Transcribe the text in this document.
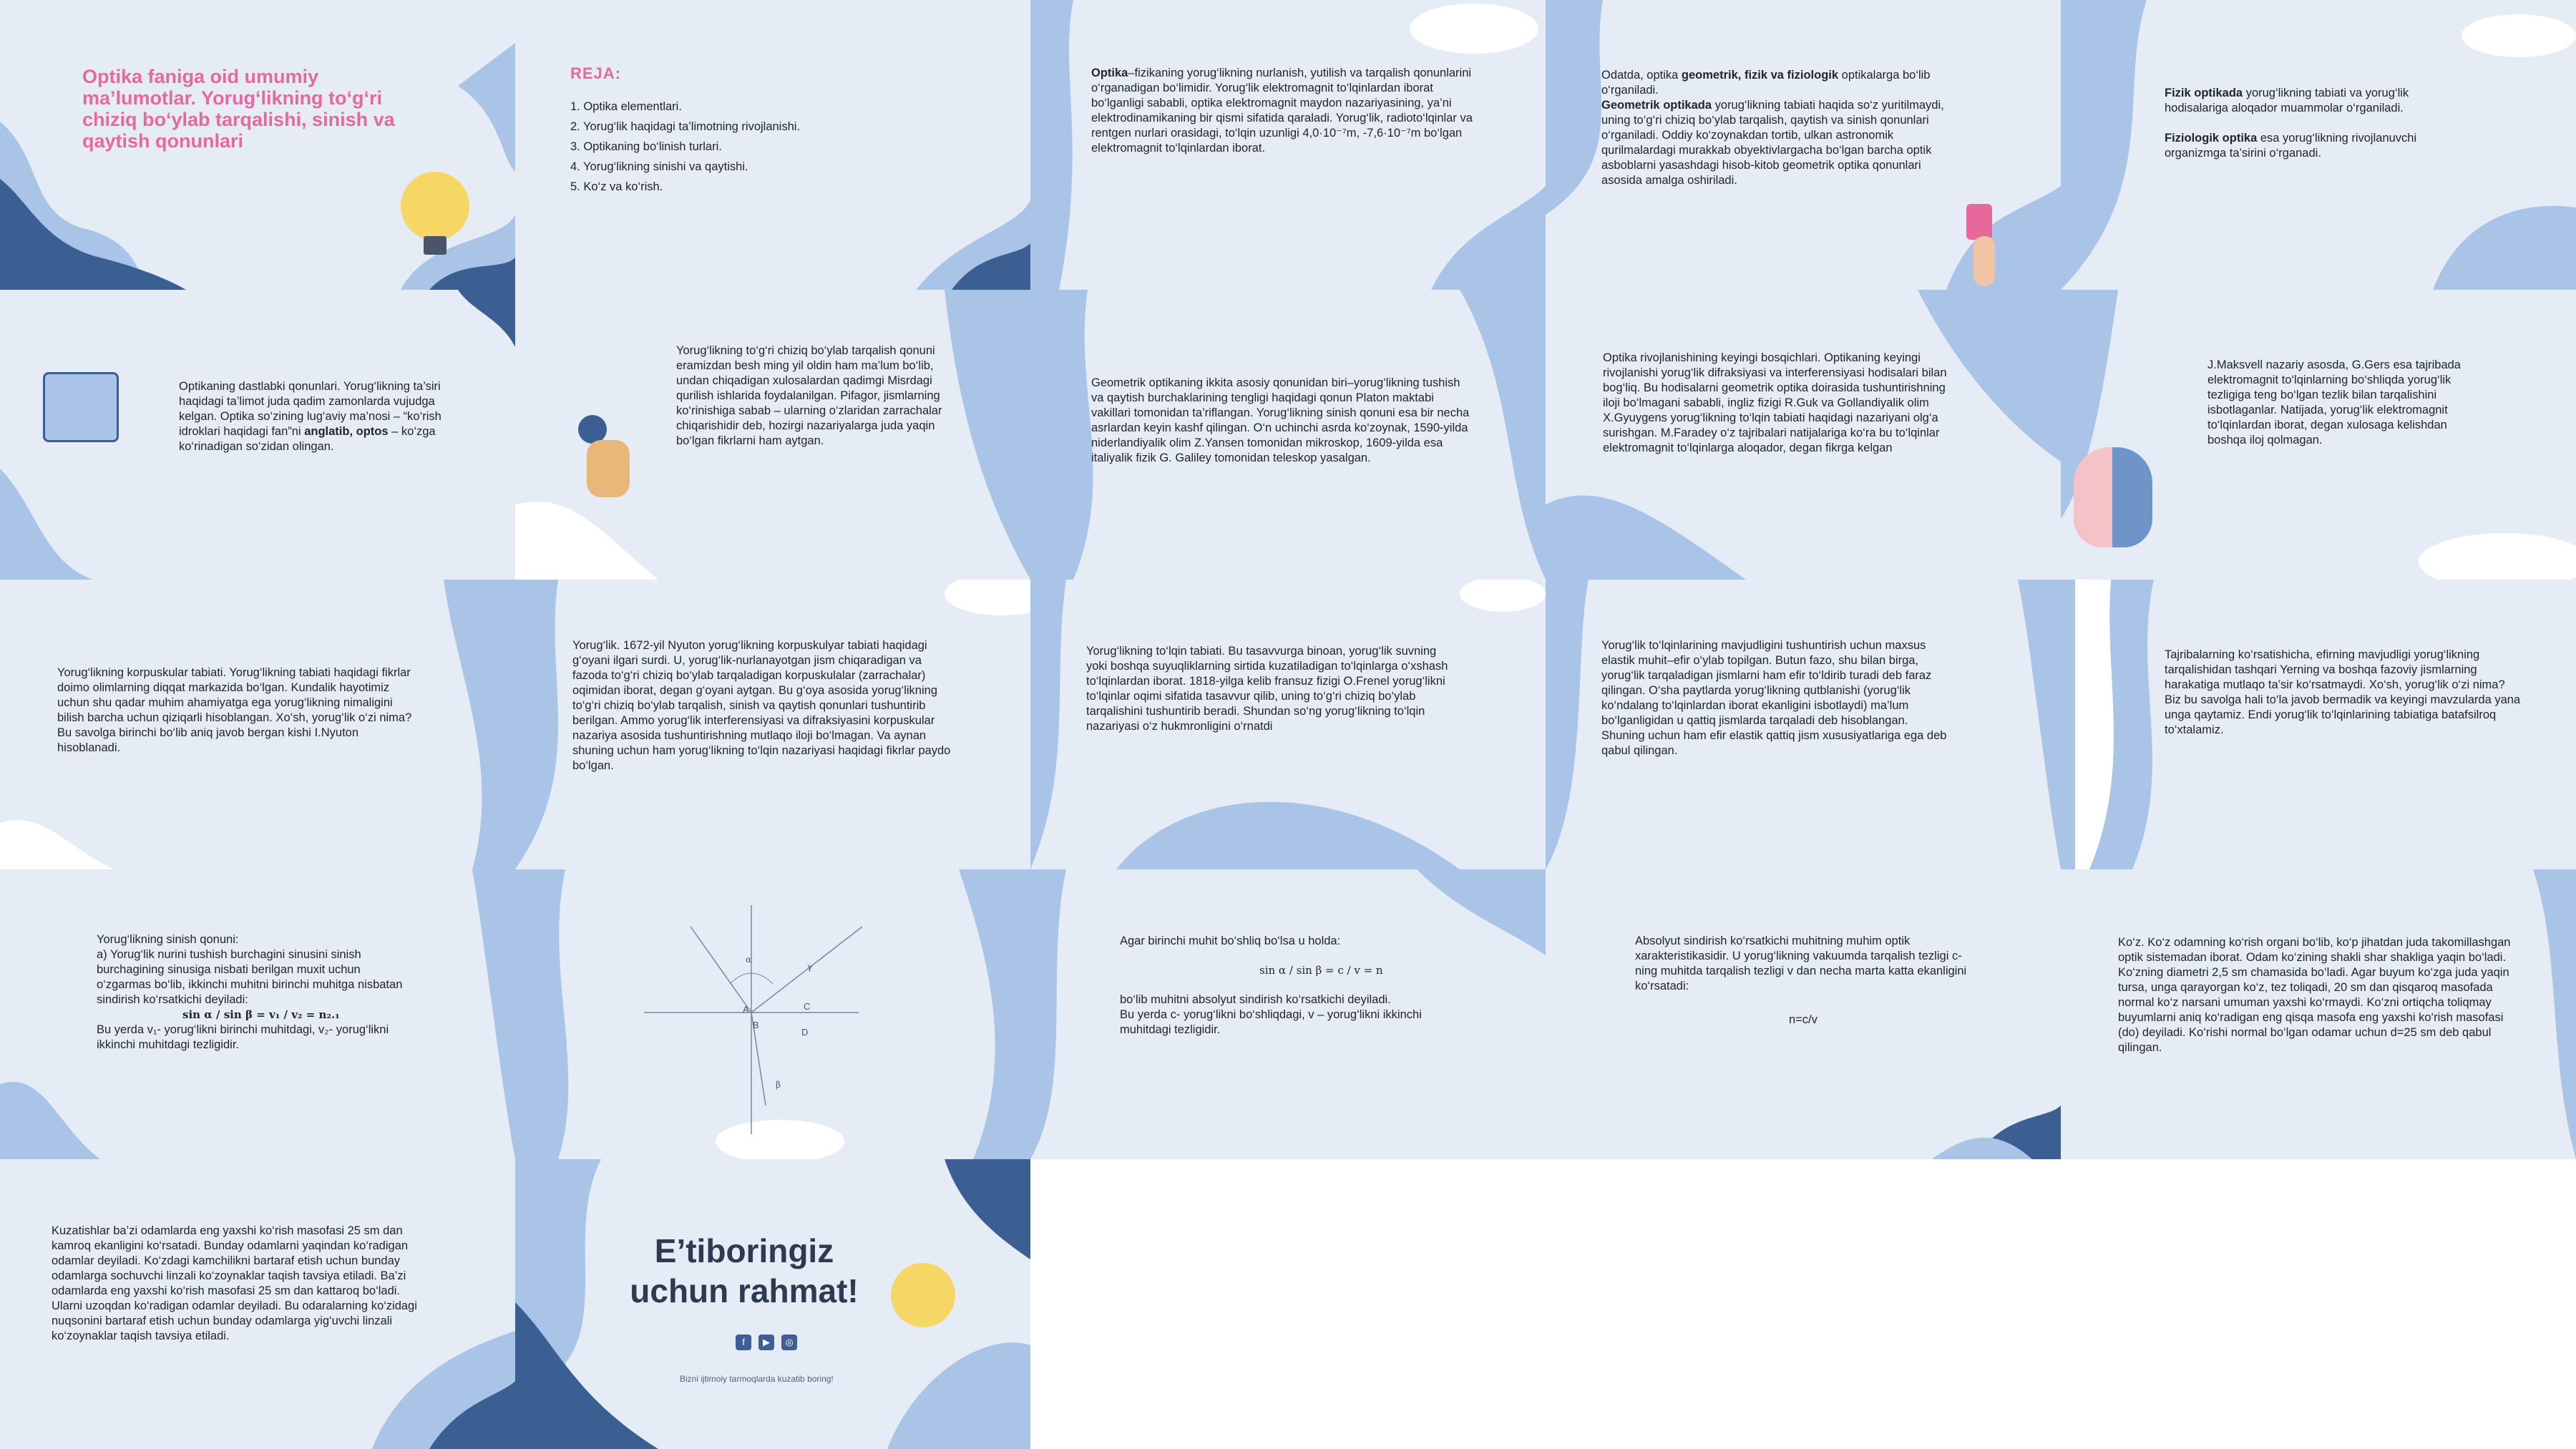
Optika faniga oid umumiy ma’lumotlar. Yorug‘likning to‘g‘ri chiziq bo‘ylab tarqalishi, sinish va qaytish qonunlari
REJA:
1. Optika elementlari.
2. Yorug‘lik haqidagi ta’limotning rivojlanishi.
3. Optikaning bo‘linish turlari.
4. Yorug‘likning sinishi va qaytishi.
5. Ko‘z va ko‘rish.
Optika–fizikaning yorug‘likning nurlanish, yutilish va tarqalish qonunlarini o‘rganadigan bo‘limidir. Yorug‘lik elektromagnit to‘lqinlardan iborat bo‘lganligi sababli, optika elektromagnit maydon nazariyasining, ya’ni elektrodinamikaning bir qismi sifatida qaraladi. Yorug‘lik, radioto‘lqinlar va rentgen nurlari orasidagi, to‘lqin uzunligi 4,0·10⁻⁷m, -7,6·10⁻⁷m bo‘lgan elektromagnit to‘lqinlardan iborat.
Odatda, optika geometrik, fizik va fiziologik optikalarga bo‘lib o‘rganiladi.
Geometrik optikada yorug‘likning tabiati haqida so‘z yuritilmaydi, uning to‘g‘ri chiziq bo‘ylab tarqalish, qaytish va sinish qonunlari o‘rganiladi. Oddiy ko‘zoynakdan tortib, ulkan astronomik qurilmalardagi murakkab obyektivlargacha bo‘lgan barcha optik asboblarni yasashdagi hisob-kitob geometrik optika qonunlari asosida amalga oshiriladi.
Fizik optikada yorug‘likning tabiati va yorug‘lik hodisalariga aloqador muammolar o‘rganiladi.

Fiziologik optika esa yorug‘likning rivojlanuvchi organizmga ta’sirini o‘rganadi.
Optikaning dastlabki qonunlari. Yorug‘likning ta’siri haqidagi ta’limot juda qadim zamonlarda vujudga kelgan. Optika so‘zining lug‘aviy ma’nosi – “ko‘rish idroklari haqidagi fan”ni anglatib, optos – ko‘zga ko‘rinadigan so‘zidan olingan.
Yorug‘likning to‘g‘ri chiziq bo‘ylab tarqalish qonuni eramizdan besh ming yil oldin ham ma’lum bo‘lib, undan chiqadigan xulosalardan qadimgi Misrdagi qurilish ishlarida foydalanilgan. Pifagor, jismlarning ko‘rinishiga sabab – ularning o‘zlaridan zarrachalar chiqarishidir deb, hozirgi nazariyalarga juda yaqin bo‘lgan fikrlarni ham aytgan.
Geometrik optikaning ikkita asosiy qonunidan biri–yorug‘likning tushish va qaytish burchaklarining tengligi haqidagi qonun Platon maktabi vakillari tomonidan ta’riflangan. Yorug‘likning sinish qonuni esa bir necha asrlardan keyin kashf qilingan. O‘n uchinchi asrda ko‘zoynak, 1590-yilda niderlandiyalik olim Z.Yansen tomonidan mikroskop, 1609-yilda esa italiyalik fizik G. Galiley tomonidan teleskop yasalgan.
Optika rivojlanishining keyingi bosqichlari. Optikaning keyingi rivojlanishi yorug‘lik difraksiyasi va interferensiyasi hodisalari bilan bog‘liq. Bu hodisalarni geometrik optika doirasida tushuntirishning iloji bo‘lmagani sababli, ingliz fizigi R.Guk va Gollandiyalik olim X.Gyuygens yorug‘likning to‘lqin tabiati haqidagi nazariyani olg‘a surishgan. M.Faradey o‘z tajribalari natijalariga ko‘ra bu to‘lqinlar elektromagnit to‘lqinlarga aloqador, degan fikrga kelgan
J.Maksvell nazariy asosda, G.Gers esa tajribada elektromagnit to‘lqinlarning bo‘shliqda yorug‘lik tezligiga teng bo‘lgan tezlik bilan tarqalishini isbotlaganlar. Natijada, yorug‘lik elektromagnit to‘lqinlardan iborat, degan xulosaga kelishdan boshqa iloj qolmagan.
Yorug‘likning korpuskular tabiati. Yorug‘likning tabiati haqidagi fikrlar doimo olimlarning diqqat markazida bo‘lgan. Kundalik hayotimiz uchun shu qadar muhim ahamiyatga ega yorug‘likning nimaligini bilish barcha uchun qiziqarli hisoblangan. Xo‘sh, yorug‘lik o‘zi nima? Bu savolga birinchi bo‘lib aniq javob bergan kishi I.Nyuton hisoblanadi.
Yorug‘lik. 1672-yil Nyuton yorug‘likning korpuskulyar tabiati haqidagi g‘oyani ilgari surdi. U, yorug‘lik-nurlanayotgan jism chiqaradigan va fazoda to‘g‘ri chiziq bo‘ylab tarqaladigan korpuskulalar (zarrachalar) oqimidan iborat, degan g‘oyani aytgan. Bu g‘oya asosida yorug‘likning to‘g‘ri chiziq bo‘ylab tarqalish, sinish va qaytish qonunlari tushuntirib berilgan. Ammo yorug‘lik interferensiyasi va difraksiyasini korpuskular nazariya asosida tushuntirishning mutlaqo iloji bo‘lmagan. Va aynan shuning uchun ham yorug‘likning to‘lqin nazariyasi haqidagi fikrlar paydo bo‘lgan.
Yorug‘likning to‘lqin tabiati. Bu tasavvurga binoan, yorug‘lik suvning yoki boshqa suyuqliklarning sirtida kuzatiladigan to‘lqinlarga o‘xshash to‘lqinlardan iborat. 1818-yilga kelib fransuz fizigi O.Frenel yorug‘likni to‘lqinlar oqimi sifatida tasavvur qilib, uning to‘g‘ri chiziq bo‘ylab tarqalishini tushuntirib beradi. Shundan so‘ng yorug‘likning to‘lqin nazariyasi o‘z hukmronligini o‘rnatdi
Yorug‘lik to‘lqinlarining mavjudligini tushuntirish uchun maxsus elastik muhit–efir o‘ylab topilgan. Butun fazo, shu bilan birga, yorug‘lik tarqaladigan jismlarni ham efir to‘ldirib turadi deb faraz qilingan. O‘sha paytlarda yorug‘likning qutblanishi (yorug‘lik ko‘ndalang to‘lqinlardan iborat ekanligini isbotlaydi) ma’lum bo‘lganligidan u qattiq jismlarda tarqaladi deb hisoblangan. Shuning uchun ham efir elastik qattiq jism xususiyatlariga ega deb qabul qilingan.
Tajribalarning ko‘rsatishicha, efirning mavjudligi yorug‘likning tarqalishidan tashqari Yerning va boshqa fazoviy jismlarning harakatiga mutlaqo ta’sir ko‘rsatmaydi. Xo‘sh, yorug‘lik o‘zi nima? Biz bu savolga hali to‘la javob bermadik va keyingi mavzularda yana unga qaytamiz. Endi yorug‘lik to‘lqinlarining tabiatiga batafsilroq to‘xtalamiz.
Yorug‘likning sinish qonuni:
a) Yorug‘lik nurini tushish burchagini sinusini sinish burchagining sinusiga nisbati berilgan muxit uchun o‘zgarmas bo‘lib, ikkinchi muhitni birinchi muhitga nisbatan sindirish ko‘rsatkichi deyiladi:
sin α / sin β = v₁ / v₂ = n₂.₁
Bu yerda v₁- yorug‘likni birinchi muhitdagi, v₂- yorug‘likni ikkinchi muhitdagi tezligidir.
A
B
C
D
α
γ
β
Agar birinchi muhit bo‘shliq bo‘lsa u holda:
sin α / sin β = c / v = n
bo‘lib muhitni absolyut sindirish ko‘rsatkichi deyiladi.
Bu yerda c- yorug‘likni bo‘shliqdagi, v – yorug‘likni ikkinchi muhitdagi tezligidir.
Absolyut sindirish ko‘rsatkichi muhitning muhim optik xarakteristikasidir. U yorug‘likning vakuumda tarqalish tezligi c-ning muhitda tarqalish tezligi v dan necha marta katta ekanligini ko‘rsatadi:
n=c/v
Ko‘z. Ko‘z odamning ko‘rish organi bo‘lib, ko‘p jihatdan juda takomillashgan optik sistemadan iborat. Odam ko‘zining shakli shar shakliga yaqin bo‘ladi. Ko‘zning diametri 2,5 sm chamasida bo‘ladi. Agar buyum ko‘zga juda yaqin tursa, unga qarayorgan ko‘z, tez toliqadi, 20 sm dan qisqaroq masofada normal ko‘z narsani umuman yaxshi ko‘rmaydi. Ko‘zni ortiqcha toliqmay buyumlarni aniq ko‘radigan eng qisqa masofa eng yaxshi ko‘rish masofasi (do) deyiladi. Ko‘rishi normal bo‘lgan odamar uchun d=25 sm deb qabul qilingan.
Kuzatishlar ba’zi odamlarda eng yaxshi ko‘rish masofasi 25 sm dan kamroq ekanligini ko‘rsatadi. Bunday odamlarni yaqindan ko‘radigan odamlar deyiladi. Ko‘zdagi kamchilikni bartaraf etish uchun bunday odamlarga sochuvchi linzali ko‘zoynaklar taqish tavsiya etiladi. Ba’zi odamlarda eng yaxshi ko‘rish masofasi 25 sm dan kattaroq bo‘ladi. Ularni uzoqdan ko‘radigan odamlar deyiladi. Bu odaralarning ko‘zidagi nuqsonini bartaraf etish uchun bunday odamlarga yig‘uvchi linzali ko‘zoynaklar taqish tavsiya etiladi.
E’tiboringiz
uchun rahmat!
f	▶	◎
Bizni ijtimoiy tarmoqlarda kuzatib boring!
